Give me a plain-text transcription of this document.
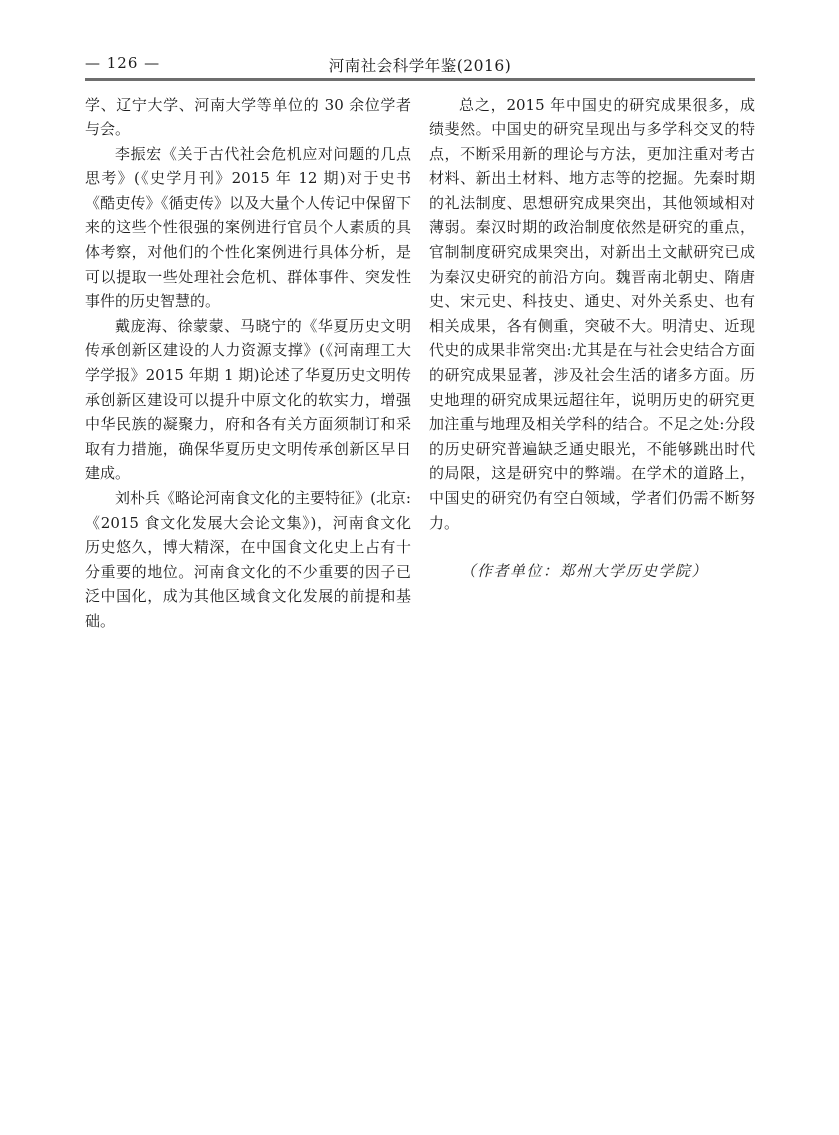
— 126 —	河南社会科学年鉴(2016)

学、辽宁大学、河南大学等单位的 30 余位学者与会。

李振宏《关于古代社会危机应对问题的几点思考》(《史学月刊》2015 年 12 期)对于史书《酷吏传》《循吏传》以及大量个人传记中保留下来的这些个性很强的案例进行官员个人素质的具体考察，对他们的个性化案例进行具体分析，是可以提取一些处理社会危机、群体事件、突发性事件的历史智慧的。

戴庞海、徐蒙蒙、马晓宁的《华夏历史文明传承创新区建设的人力资源支撑》(《河南理工大学学报》2015 年期 1 期)论述了华夏历史文明传承创新区建设可以提升中原文化的软实力，增强中华民族的凝聚力，府和各有关方面须制订和采取有力措施，确保华夏历史文明传承创新区早日建成。

刘朴兵《略论河南食文化的主要特征》(北京:《2015 食文化发展大会论文集》)，河南食文化历史悠久，博大精深，在中国食文化史上占有十分重要的地位。河南食文化的不少重要的因子已泛中国化，成为其他区域食文化发展的前提和基础。

总之，2015 年中国史的研究成果很多，成绩斐然。中国史的研究呈现出与多学科交叉的特点，不断采用新的理论与方法，更加注重对考古材料、新出土材料、地方志等的挖掘。先秦时期的礼法制度、思想研究成果突出，其他领域相对薄弱。秦汉时期的政治制度依然是研究的重点，官制制度研究成果突出，对新出土文献研究已成为秦汉史研究的前沿方向。魏晋南北朝史、隋唐史、宋元史、科技史、通史、对外关系史、也有相关成果，各有侧重，突破不大。明清史、近现代史的成果非常突出:尤其是在与社会史结合方面的研究成果显著，涉及社会生活的诸多方面。历史地理的研究成果远超往年，说明历史的研究更加注重与地理及相关学科的结合。不足之处:分段的历史研究普遍缺乏通史眼光，不能够跳出时代的局限，这是研究中的弊端。在学术的道路上，中国史的研究仍有空白领域，学者们仍需不断努力。

（作者单位：郑州大学历史学院）
